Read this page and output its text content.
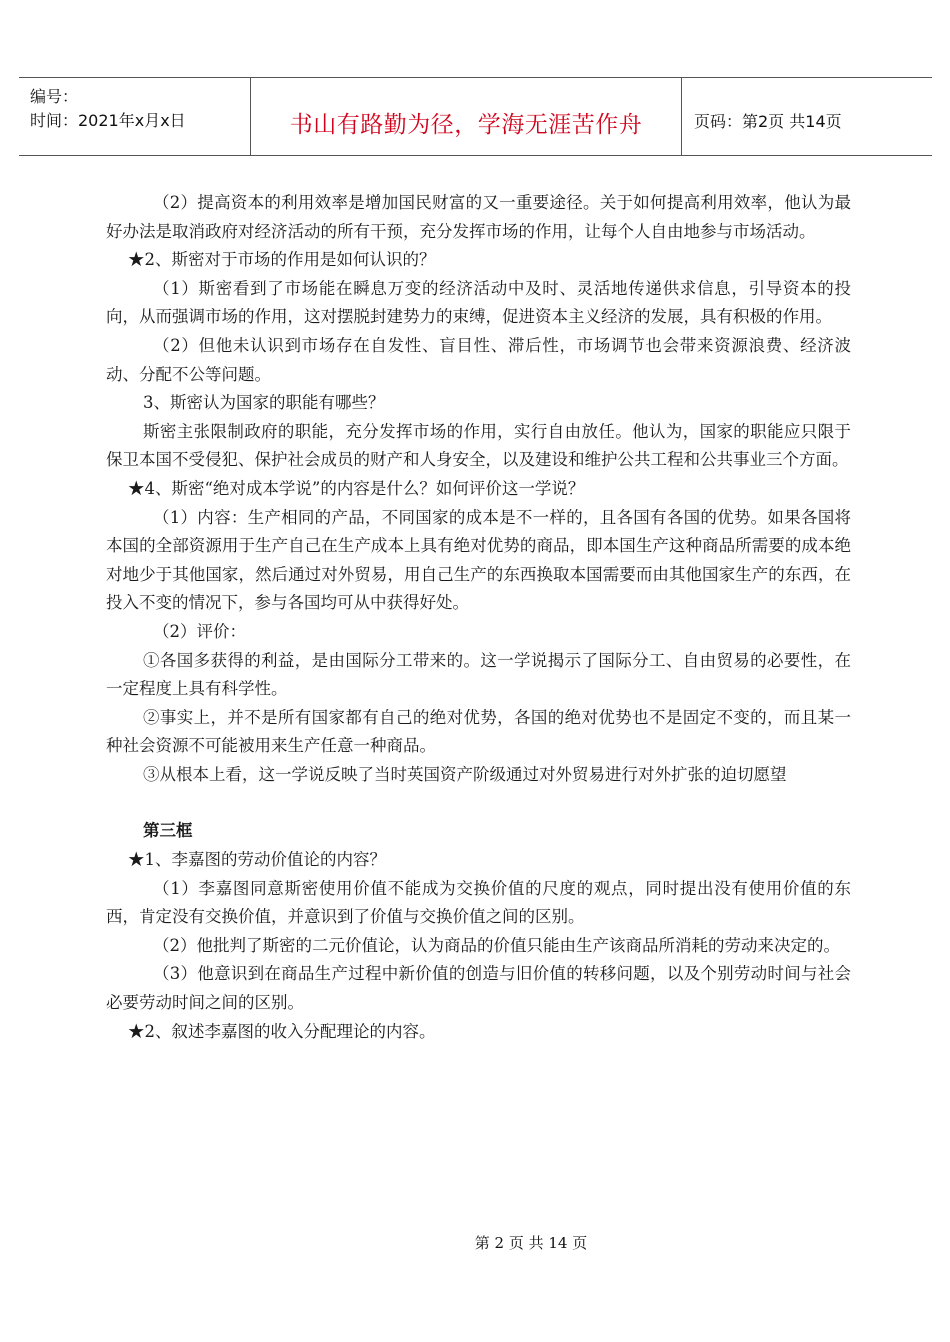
编号：
时间：2021年x月x日	书山有路勤为径，学海无涯苦作舟	页码：第2页 共14页

（2）提高资本的利用效率是增加国民财富的又一重要途径。关于如何提高利用效率，他认为最好办法是取消政府对经济活动的所有干预，充分发挥市场的作用，让每个人自由地参与市场活动。

★2、斯密对于市场的作用是如何认识的？

（1）斯密看到了市场能在瞬息万变的经济活动中及时、灵活地传递供求信息，引导资本的投向，从而强调市场的作用，这对摆脱封建势力的束缚，促进资本主义经济的发展，具有积极的作用。

（2）但他未认识到市场存在自发性、盲目性、滞后性，市场调节也会带来资源浪费、经济波动、分配不公等问题。

3、斯密认为国家的职能有哪些？

斯密主张限制政府的职能，充分发挥市场的作用，实行自由放任。他认为，国家的职能应只限于保卫本国不受侵犯、保护社会成员的财产和人身安全，以及建设和维护公共工程和公共事业三个方面。

★4、斯密“绝对成本学说”的内容是什么？如何评价这一学说？

（1）内容：生产相同的产品，不同国家的成本是不一样的，且各国有各国的优势。如果各国将本国的全部资源用于生产自己在生产成本上具有绝对优势的商品，即本国生产这种商品所需要的成本绝对地少于其他国家，然后通过对外贸易，用自己生产的东西换取本国需要而由其他国家生产的东西，在投入不变的情况下，参与各国均可从中获得好处。

（2）评价：

①各国多获得的利益，是由国际分工带来的。这一学说揭示了国际分工、自由贸易的必要性，在一定程度上具有科学性。

②事实上，并不是所有国家都有自己的绝对优势，各国的绝对优势也不是固定不变的，而且某一种社会资源不可能被用来生产任意一种商品。

③从根本上看，这一学说反映了当时英国资产阶级通过对外贸易进行对外扩张的迫切愿望

第三框

★1、李嘉图的劳动价值论的内容？

（1）李嘉图同意斯密使用价值不能成为交换价值的尺度的观点，同时提出没有使用价值的东西，肯定没有交换价值，并意识到了价值与交换价值之间的区别。

（2）他批判了斯密的二元价值论，认为商品的价值只能由生产该商品所消耗的劳动来决定的。

（3）他意识到在商品生产过程中新价值的创造与旧价值的转移问题，以及个别劳动时间与社会必要劳动时间之间的区别。

★2、叙述李嘉图的收入分配理论的内容。

第 2 页 共 14 页
